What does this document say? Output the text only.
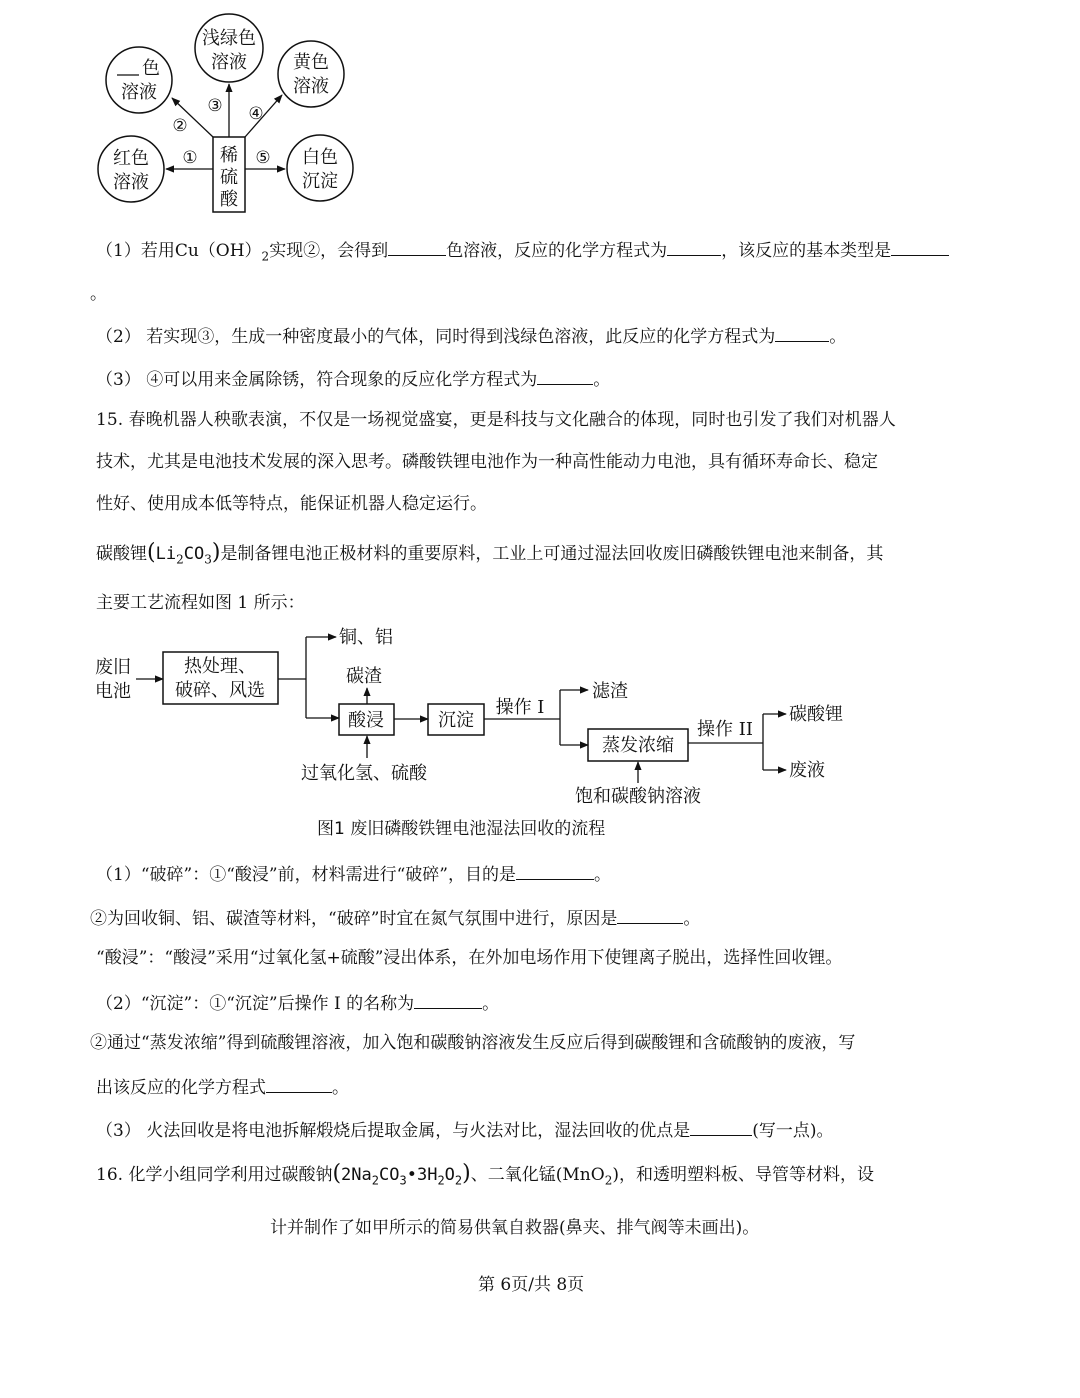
稀
硫
酸
色
溶液
浅绿色
溶液	黄色
溶液
红色
溶液
白色
沉淀
①
②
③ ④
⑤
（1）若用$Cu(OH)_2$实现②，会得到	色溶液，反应的化学方程式为	，该反应的基本类型是
。
（2） 若实现③，生成一种密度最小的气体，同时得到浅绿色溶液，此反应的化学方程式为	。
（3） ④可以用来金属除锈，符合现象的反应化学方程式为	。
15. 春晚机器人秧歌表演，不仅是一场视觉盛宴，更是科技与文化融合的体现，同时也引发了我们对机器人
技术，尤其是电池技术发展的深入思考。磷酸铁锂电池作为一种高性能动力电池，具有循环寿命长、稳定
性好、使用成本低等特点，能保证机器人稳定运行。
碳酸锂$(Li_2CO_3)$是制备锂电池正极材料的重要原料，工业上可通过湿法回收废旧磷酸铁锂电池来制备，其
主要工艺流程如图 1 所示：
废旧
电池
热处理、
破碎、风选
铜、铝
酸浸
碳渣
过氧化氢、硫酸
沉淀
操作 I
滤渣
蒸发浓缩
饱和碳酸钠溶液
操作 II
碳酸锂
废液
图1 废旧磷酸铁锂电池湿法回收的流程
（1）“破碎”：①“酸浸”前，材料需进行“破碎”，目的是	。
②为回收铜、铝、碳渣等材料，“破碎”时宜在氮气氛围中进行，原因是	。
“酸浸”：“酸浸”采用“过氧化氢+硫酸”浸出体系，在外加电场作用下使锂离子脱出，选择性回收锂。
（2）“沉淀”：①“沉淀”后操作 I 的名称为	。
②通过“蒸发浓缩”得到硫酸锂溶液，加入饱和碳酸钠溶液发生反应后得到碳酸锂和含硫酸钠的废液，写
出该反应的化学方程式	。
（3） 火法回收是将电池拆解煅烧后提取金属，与火法对比，湿法回收的优点是	(写一点)。
16. 化学小组同学利用过碳酸钠$(2Na_2CO_3•3H_2O_2)$、二氧化锰(MnO$_2$)，和透明塑料板、导管等材料，设
计并制作了如甲所示的简易供氧自救器(鼻夹、排气阀等未画出)。
第 6页/共 8页
